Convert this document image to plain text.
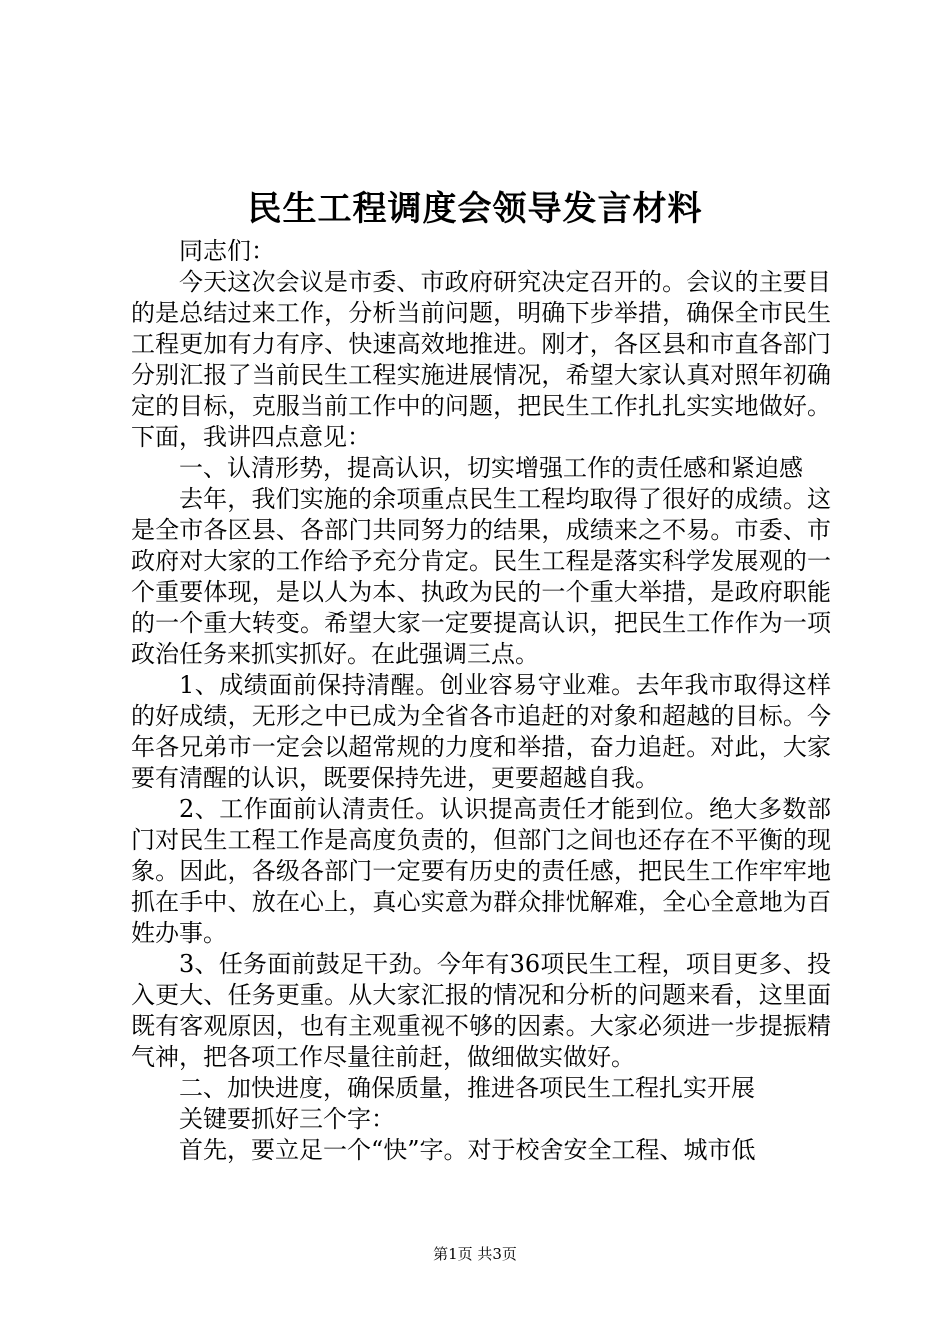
民生工程调度会领导发言材料

同志们：

今天这次会议是市委、市政府研究决定召开的。会议的主要目的是总结过来工作，分析当前问题，明确下步举措，确保全市民生工程更加有力有序、快速高效地推进。刚才，各区县和市直各部门分别汇报了当前民生工程实施进展情况，希望大家认真对照年初确定的目标，克服当前工作中的问题，把民生工作扎扎实实地做好。下面，我讲四点意见：

一、认清形势，提高认识，切实增强工作的责任感和紧迫感

去年，我们实施的余项重点民生工程均取得了很好的成绩。这是全市各区县、各部门共同努力的结果，成绩来之不易。市委、市政府对大家的工作给予充分肯定。民生工程是落实科学发展观的一个重要体现，是以人为本、执政为民的一个重大举措，是政府职能的一个重大转变。希望大家一定要提高认识，把民生工作作为一项政治任务来抓实抓好。在此强调三点。

1、成绩面前保持清醒。创业容易守业难。去年我市取得这样的好成绩，无形之中已成为全省各市追赶的对象和超越的目标。今年各兄弟市一定会以超常规的力度和举措，奋力追赶。对此，大家要有清醒的认识，既要保持先进，更要超越自我。

2、工作面前认清责任。认识提高责任才能到位。绝大多数部门对民生工程工作是高度负责的，但部门之间也还存在不平衡的现象。因此，各级各部门一定要有历史的责任感，把民生工作牢牢地抓在手中、放在心上，真心实意为群众排忧解难，全心全意地为百姓办事。

3、任务面前鼓足干劲。今年有36项民生工程，项目更多、投入更大、任务更重。从大家汇报的情况和分析的问题来看，这里面既有客观原因，也有主观重视不够的因素。大家必须进一步提振精气神，把各项工作尽量往前赶，做细做实做好。

二、加快进度，确保质量，推进各项民生工程扎实开展

关键要抓好三个字：

首先，要立足一个“快”字。对于校舍安全工程、城市低

第1页 共3页
